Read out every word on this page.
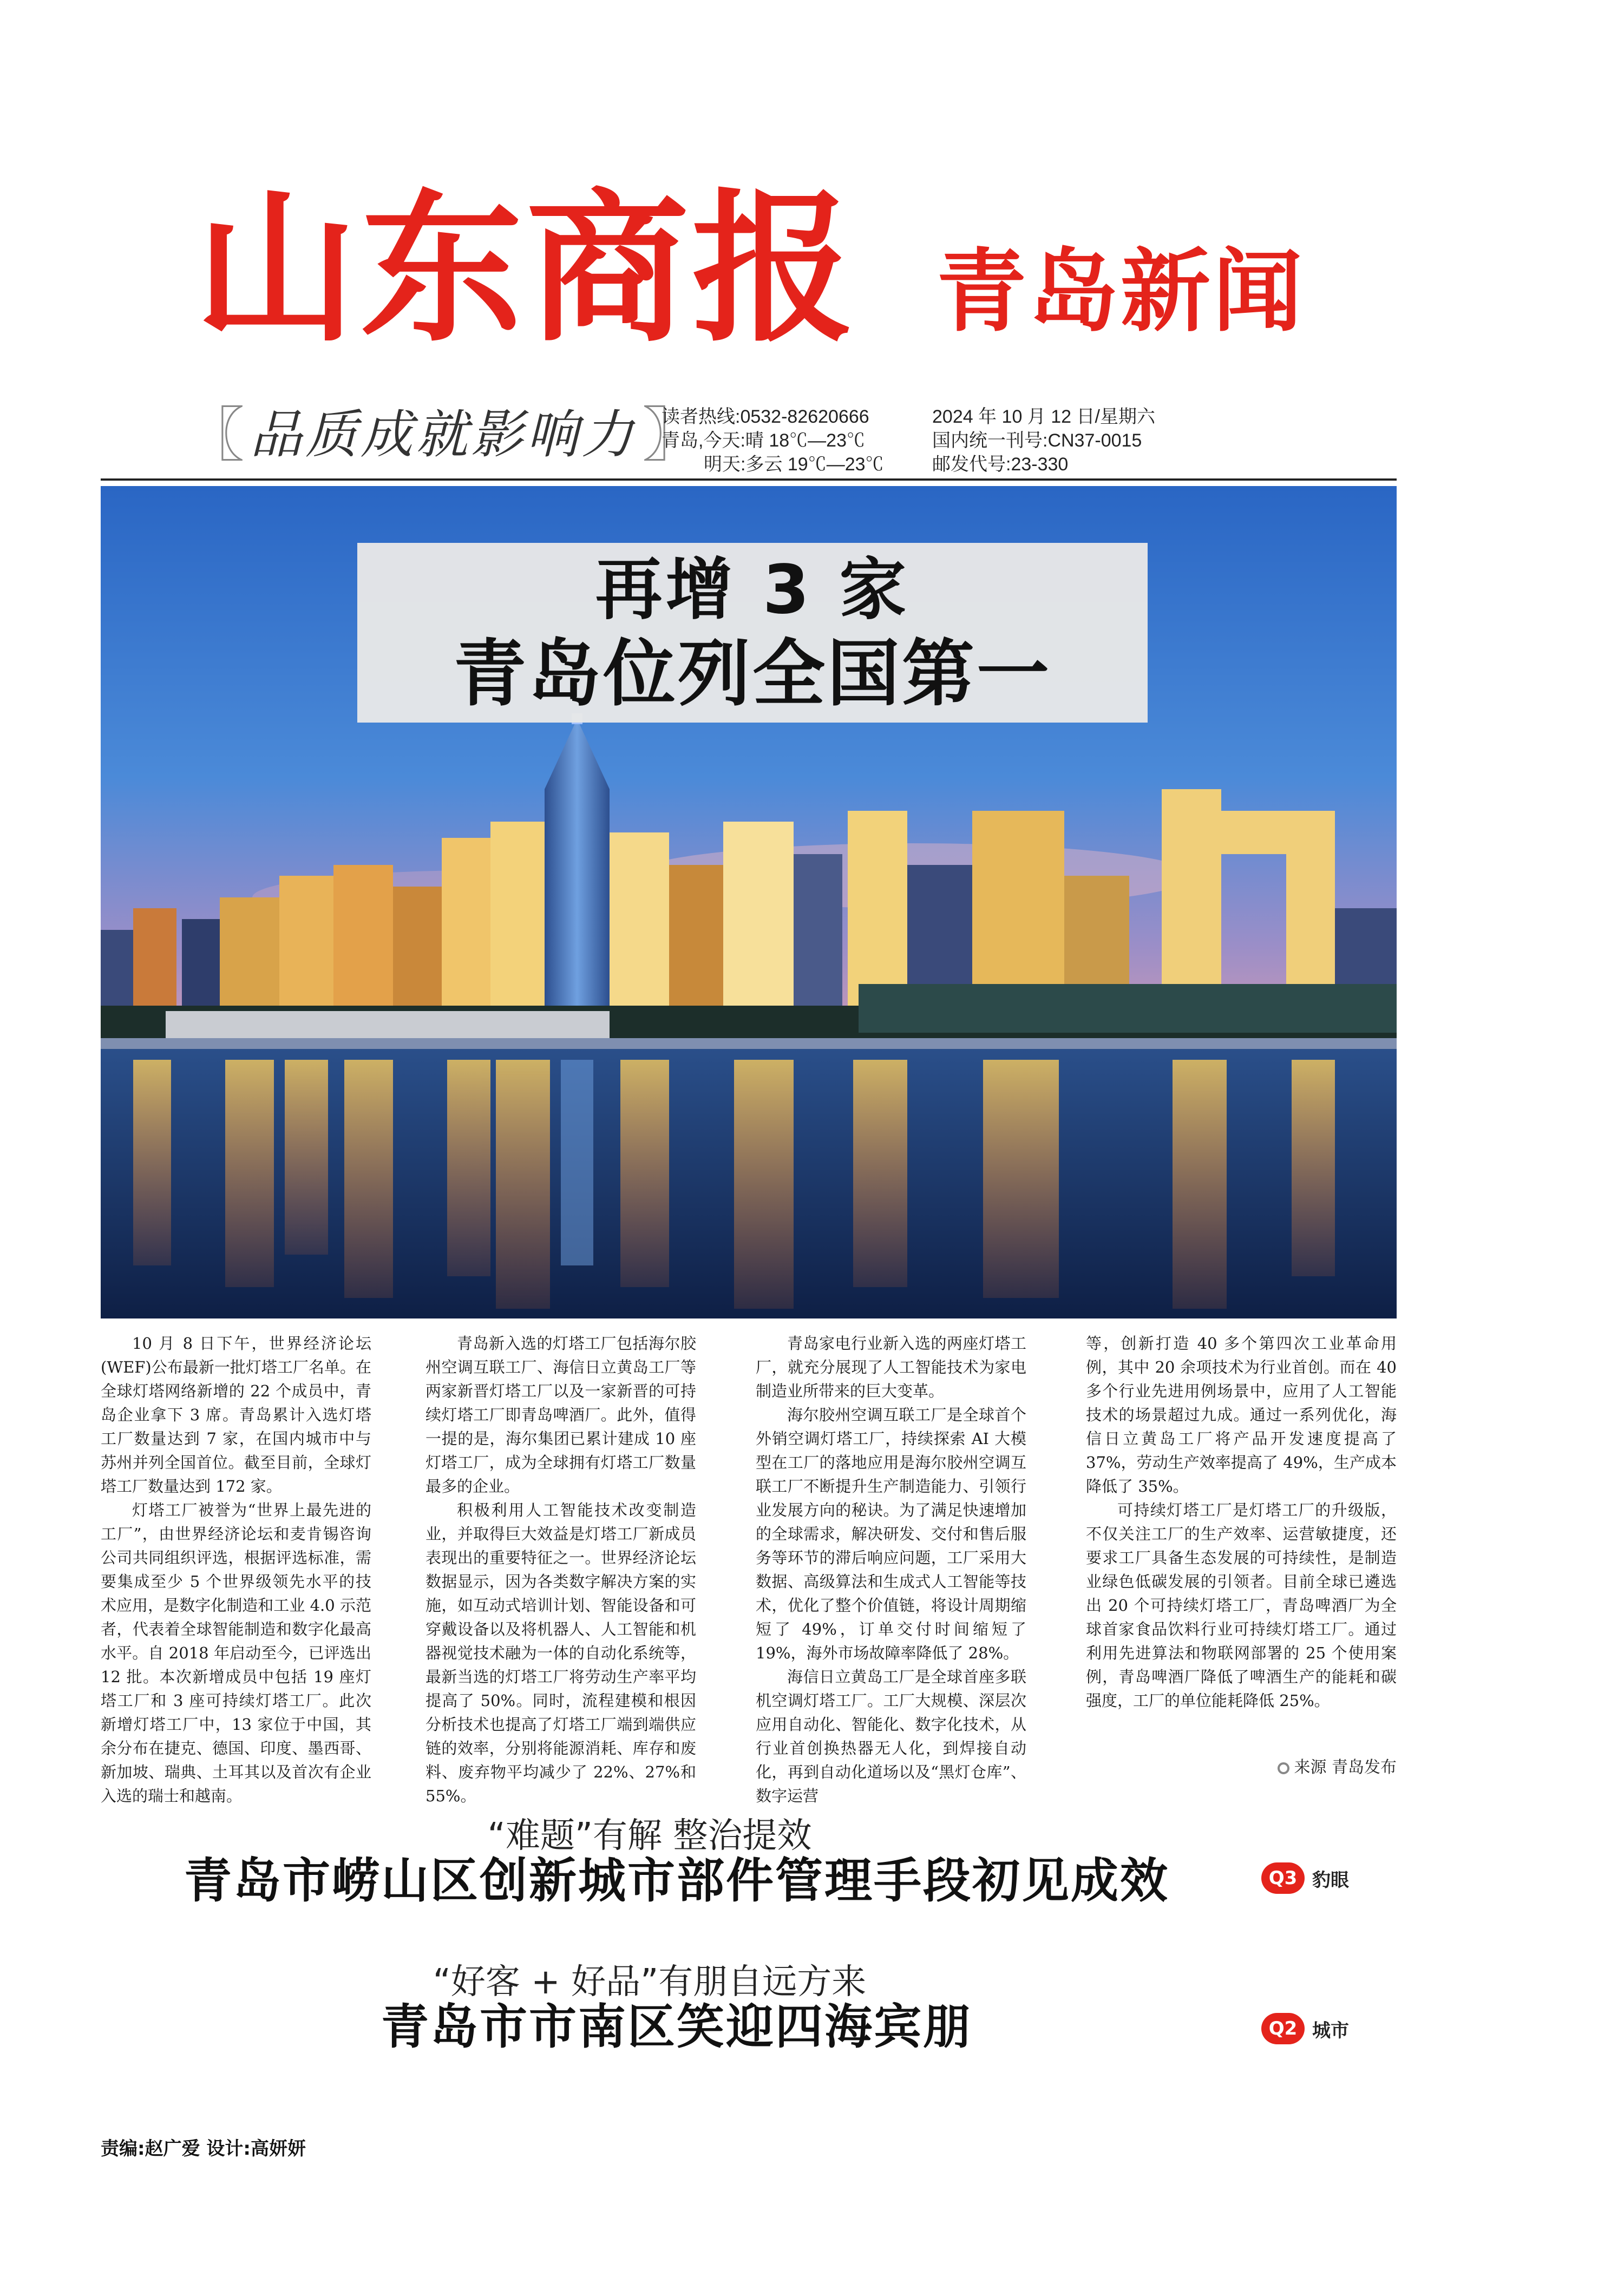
山东商报 青岛新闻
〖 品质成就影响力 〗
读者热线:0532-82620666
青岛,今天:晴 18℃—23℃
明天:多云 19℃—23℃
2024 年 10 月 12 日/星期六
国内统一刊号:CN37-0015
邮发代号:23-330
再增 3 家
青岛位列全国第一

10 月 8 日下午，世界经济论坛(WEF)公布最新一批灯塔工厂名单。在全球灯塔网络新增的 22 个成员中，青岛企业拿下 3 席。青岛累计入选灯塔工厂数量达到 7 家，在国内城市中与苏州并列全国首位。截至目前，全球灯塔工厂数量达到 172 家。

灯塔工厂被誉为“世界上最先进的工厂”，由世界经济论坛和麦肯锡咨询公司共同组织评选，根据评选标准，需要集成至少 5 个世界级领先水平的技术应用，是数字化制造和工业 4.0 示范者，代表着全球智能制造和数字化最高水平。自 2018 年启动至今，已评选出 12 批。本次新增成员中包括 19 座灯塔工厂和 3 座可持续灯塔工厂。此次新增灯塔工厂中，13 家位于中国，其余分布在捷克、德国、印度、墨西哥、新加坡、瑞典、土耳其以及首次有企业入选的瑞士和越南。

青岛新入选的灯塔工厂包括海尔胶州空调互联工厂、海信日立黄岛工厂等两家新晋灯塔工厂以及一家新晋的可持续灯塔工厂即青岛啤酒厂。此外，值得一提的是，海尔集团已累计建成 10 座灯塔工厂，成为全球拥有灯塔工厂数量最多的企业。

积极利用人工智能技术改变制造业，并取得巨大效益是灯塔工厂新成员表现出的重要特征之一。世界经济论坛数据显示，因为各类数字解决方案的实施，如互动式培训计划、智能设备和可穿戴设备以及将机器人、人工智能和机器视觉技术融为一体的自动化系统等，最新当选的灯塔工厂将劳动生产率平均提高了 50%。同时，流程建模和根因分析技术也提高了灯塔工厂端到端供应链的效率，分别将能源消耗、库存和废料、废弃物平均减少了 22%、27%和 55%。

青岛家电行业新入选的两座灯塔工厂，就充分展现了人工智能技术为家电制造业所带来的巨大变革。

海尔胶州空调互联工厂是全球首个外销空调灯塔工厂，持续探索 AI 大模型在工厂的落地应用是海尔胶州空调互联工厂不断提升生产制造能力、引领行业发展方向的秘诀。为了满足快速增加的全球需求，解决研发、交付和售后服务等环节的滞后响应问题，工厂采用大数据、高级算法和生成式人工智能等技术，优化了整个价值链，将设计周期缩短了 49%，订单交付时间缩短了 19%，海外市场故障率降低了 28%。

海信日立黄岛工厂是全球首座多联机空调灯塔工厂。工厂大规模、深层次应用自动化、智能化、数字化技术，从行业首创换热器无人化，到焊接自动化，再到自动化道场以及“黑灯仓库”、数字运营

等，创新打造 40 多个第四次工业革命用例，其中 20 余项技术为行业首创。而在 40 多个行业先进用例场景中，应用了人工智能技术的场景超过九成。通过一系列优化，海信日立黄岛工厂将产品开发速度提高了 37%，劳动生产效率提高了 49%，生产成本降低了 35%。

可持续灯塔工厂是灯塔工厂的升级版，不仅关注工厂的生产效率、运营敏捷度，还要求工厂具备生态发展的可持续性，是制造业绿色低碳发展的引领者。目前全球已遴选出 20 个可持续灯塔工厂，青岛啤酒厂为全球首家食品饮料行业可持续灯塔工厂。通过利用先进算法和物联网部署的 25 个使用案例，青岛啤酒厂降低了啤酒生产的能耗和碳强度，工厂的单位能耗降低 25%。

来源 青岛发布
“难题”有解 整治提效
青岛市崂山区创新城市部件管理手段初见成效	Q3 豹眼
“好客 + 好品”有朋自远方来
青岛市市南区笑迎四海宾朋	Q2 城市
责编:赵广爱 设计:高妍妍
